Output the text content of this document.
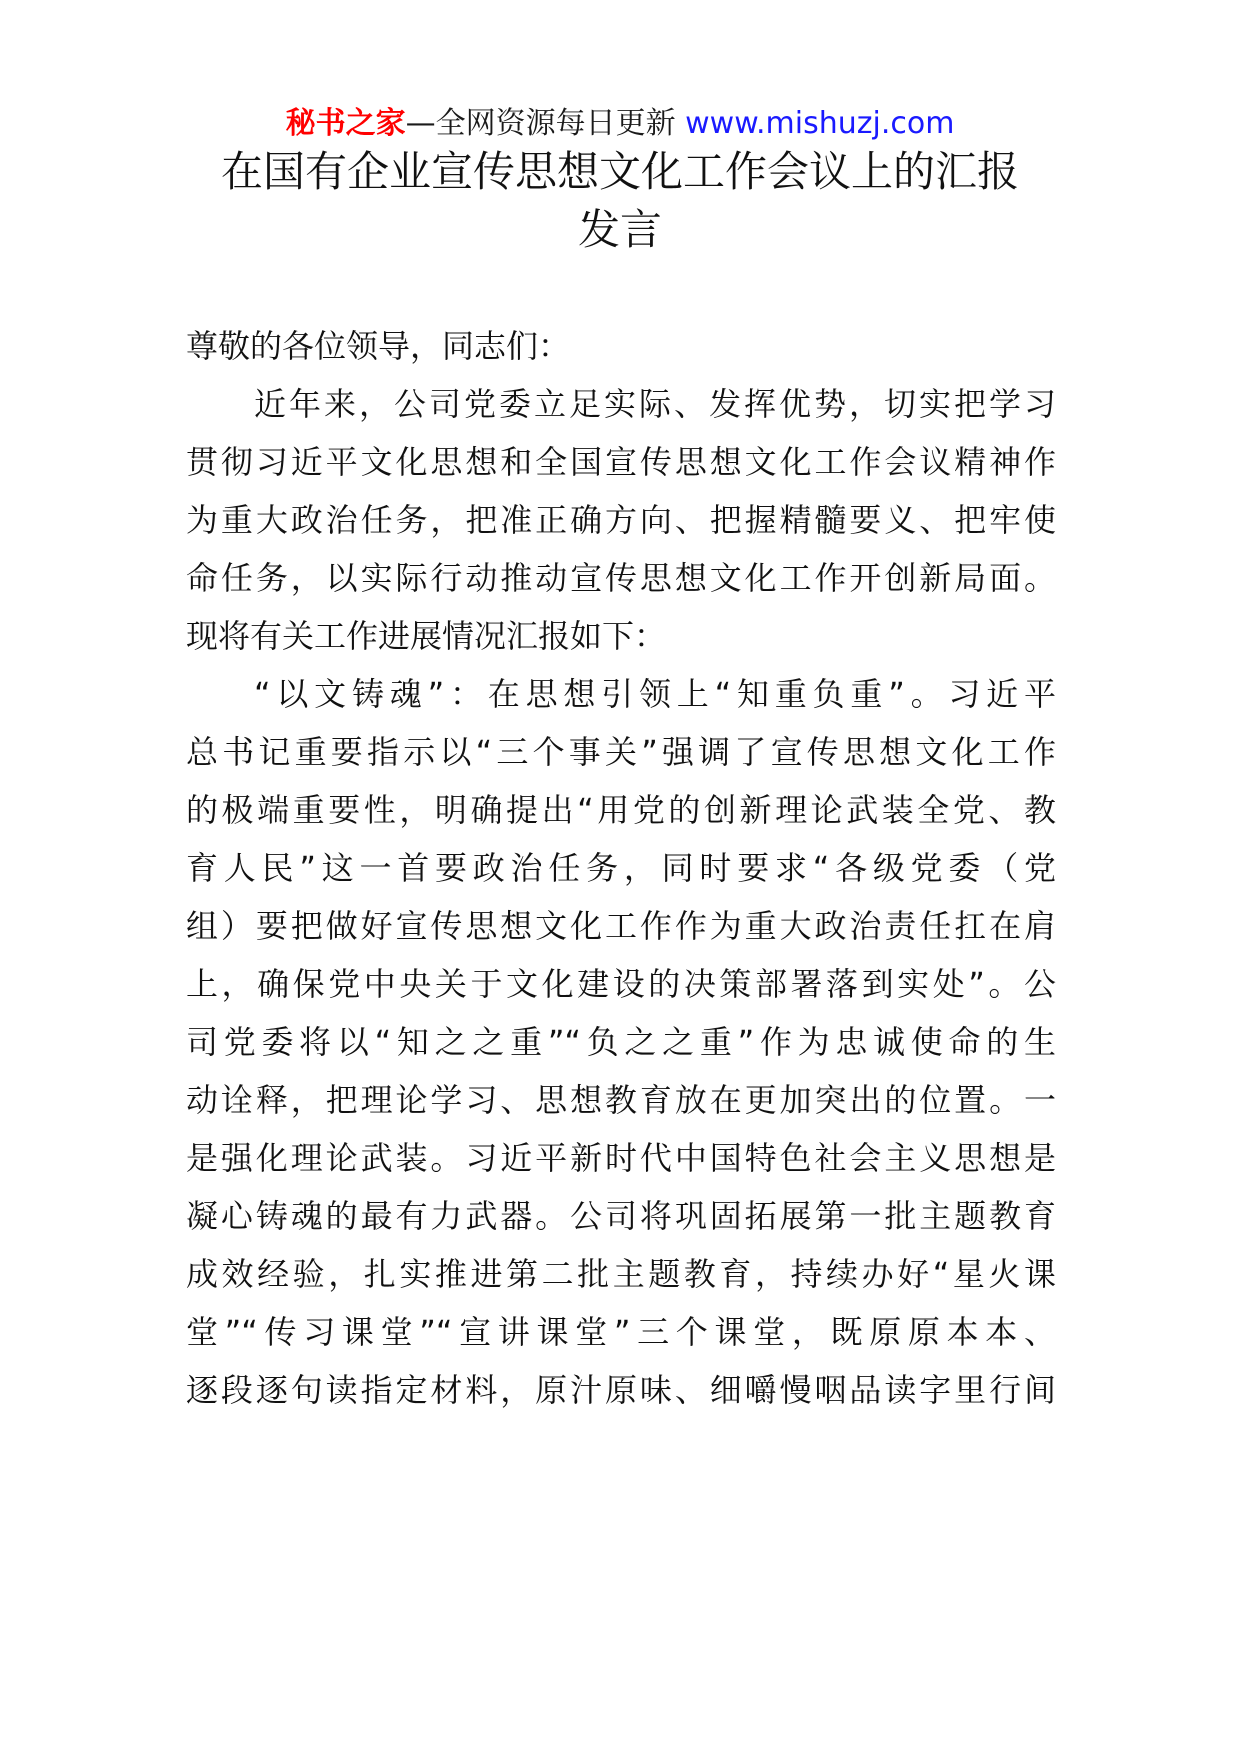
秘书之家—全网资源每日更新 www.mishuzj.com
在国有企业宣传思想文化工作会议上的汇报
发言
尊敬的各位领导，同志们：
近年来，公司党委立足实际、发挥优势，切实把学习
贯彻习近平文化思想和全国宣传思想文化工作会议精神作
为重大政治任务，把准正确方向、把握精髓要义、把牢使
命任务，以实际行动推动宣传思想文化工作开创新局面。
现将有关工作进展情况汇报如下：
“以文铸魂”：在思想引领上“知重负重”。习近平
总书记重要指示以“三个事关”强调了宣传思想文化工作
的极端重要性，明确提出“用党的创新理论武装全党、教
育人民”这一首要政治任务，同时要求“各级党委（党
组）要把做好宣传思想文化工作作为重大政治责任扛在肩
上，确保党中央关于文化建设的决策部署落到实处”。公
司党委将以“知之之重”“负之之重”作为忠诚使命的生
动诠释，把理论学习、思想教育放在更加突出的位置。一
是强化理论武装。习近平新时代中国特色社会主义思想是
凝心铸魂的最有力武器。公司将巩固拓展第一批主题教育
成效经验，扎实推进第二批主题教育，持续办好“星火课
堂”“传习课堂”“宣讲课堂”三个课堂，既原原本本、
逐段逐句读指定材料，原汁原味、细嚼慢咽品读字里行间
